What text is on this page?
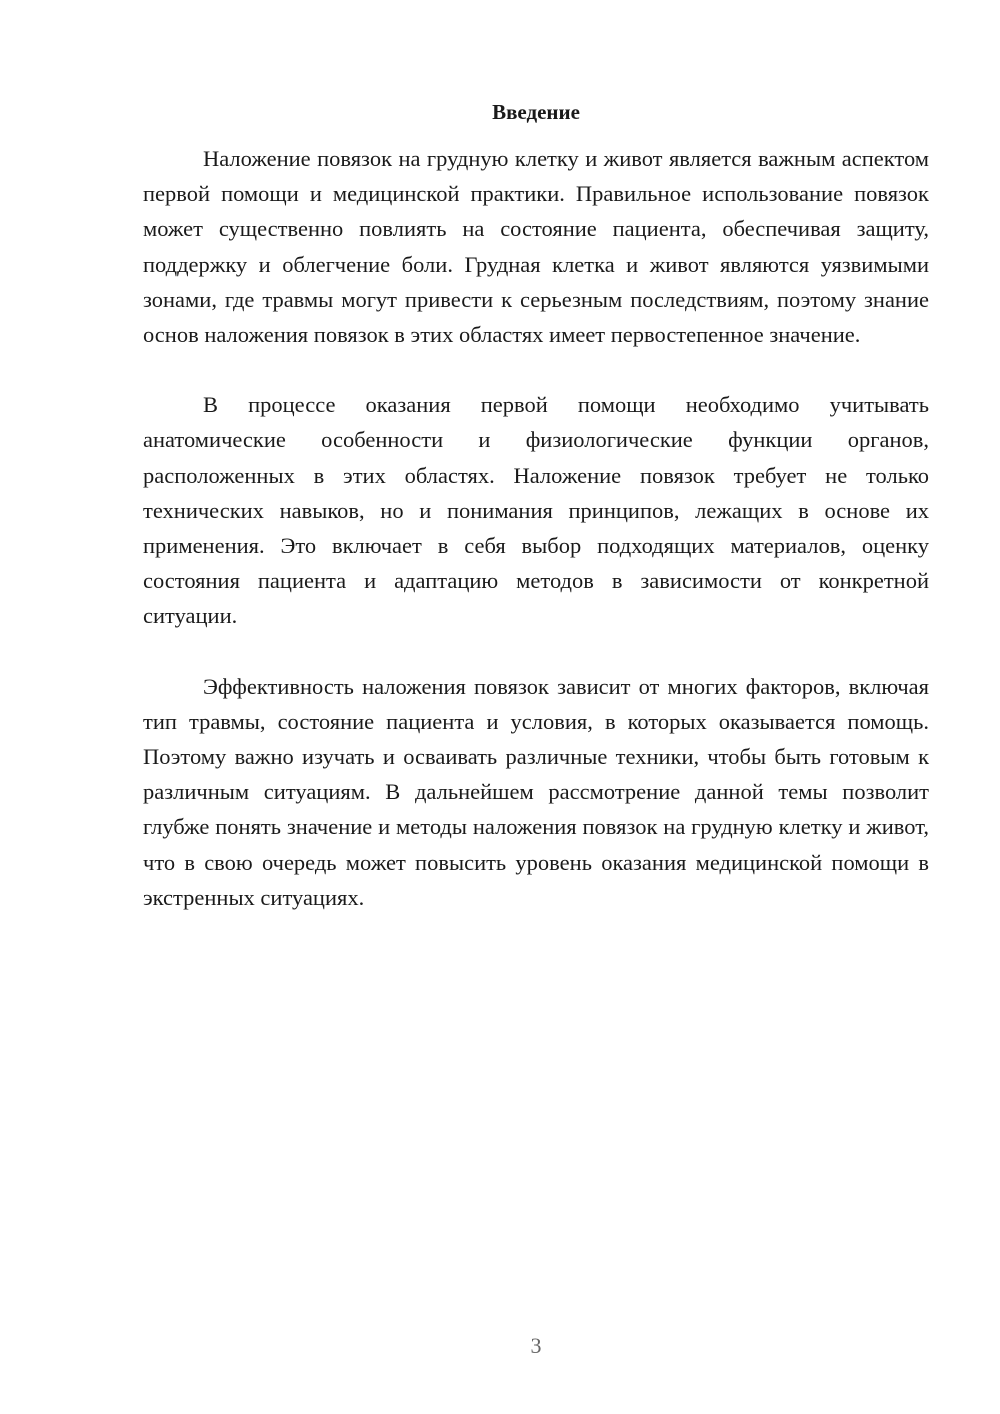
Введение

Наложение повязок на грудную клетку и живот является важным аспектом первой помощи и медицинской практики. Правильное использование повязок может существенно повлиять на состояние пациента, обеспечивая защиту, поддержку и облегчение боли. Грудная клетка и живот являются уязвимыми зонами, где травмы могут привести к серьезным последствиям, поэтому знание основ наложения повязок в этих областях имеет первостепенное значение.

В процессе оказания первой помощи необходимо учитывать анатомические особенности и физиологические функции органов, расположенных в этих областях. Наложение повязок требует не только технических навыков, но и понимания принципов, лежащих в основе их применения. Это включает в себя выбор подходящих материалов, оценку состояния пациента и адаптацию методов в зависимости от конкретной ситуации.

Эффективность наложения повязок зависит от многих факторов, включая тип травмы, состояние пациента и условия, в которых оказывается помощь. Поэтому важно изучать и осваивать различные техники, чтобы быть готовым к различным ситуациям. В дальнейшем рассмотрение данной темы позволит глубже понять значение и методы наложения повязок на грудную клетку и живот, что в свою очередь может повысить уровень оказания медицинской помощи в экстренных ситуациях.

3
